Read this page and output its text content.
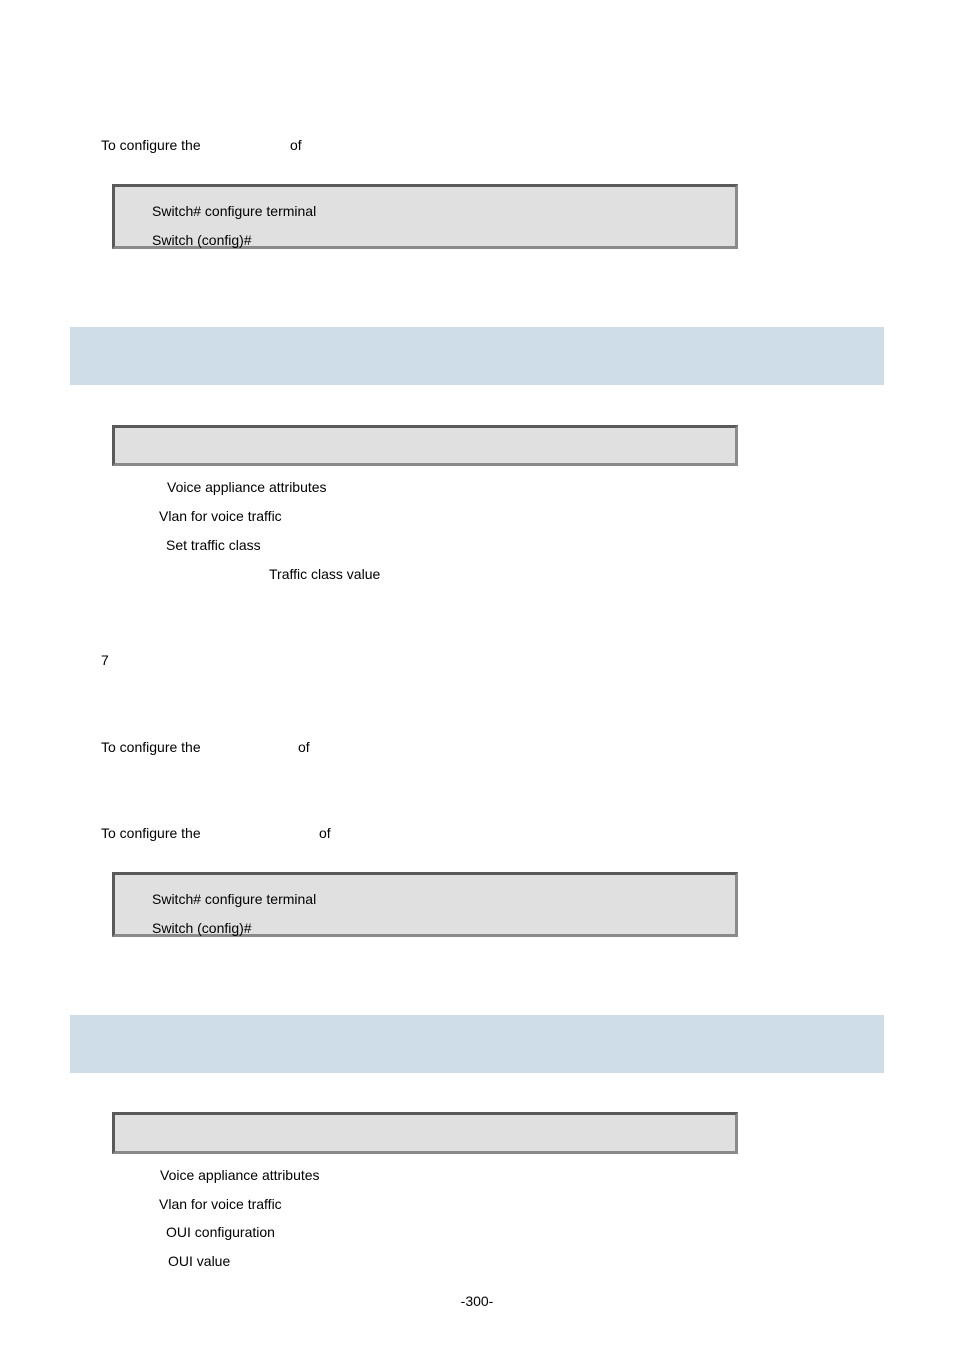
To configure the	of
Switch# configure terminal
Switch (config)#
Voice appliance attributes
Vlan for voice traffic
Set traffic class
Traffic class value
7
To configure the	of
To configure the	of
Switch# configure terminal
Switch (config)#
Voice appliance attributes
Vlan for voice traffic
OUI configuration
OUI value
-300-
